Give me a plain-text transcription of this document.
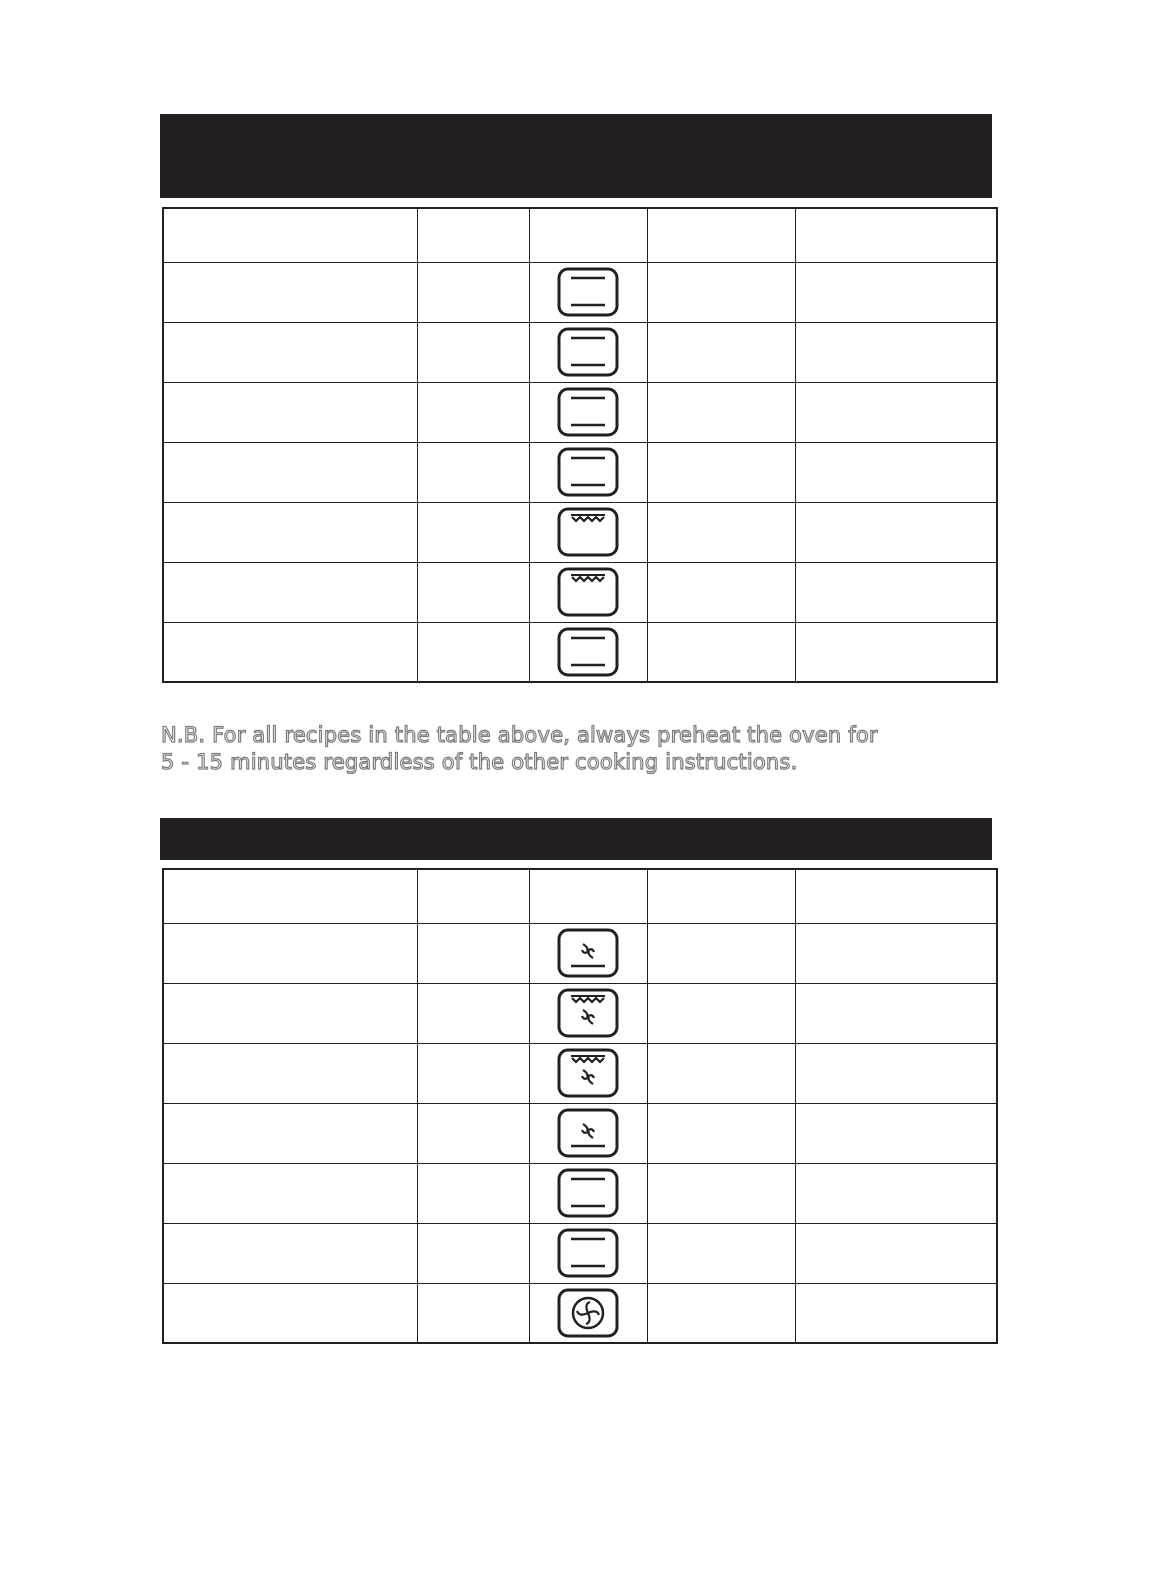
N.B. For all recipes in the table above, always preheat the oven for
5 - 15 minutes regardless of the other cooking instructions.
